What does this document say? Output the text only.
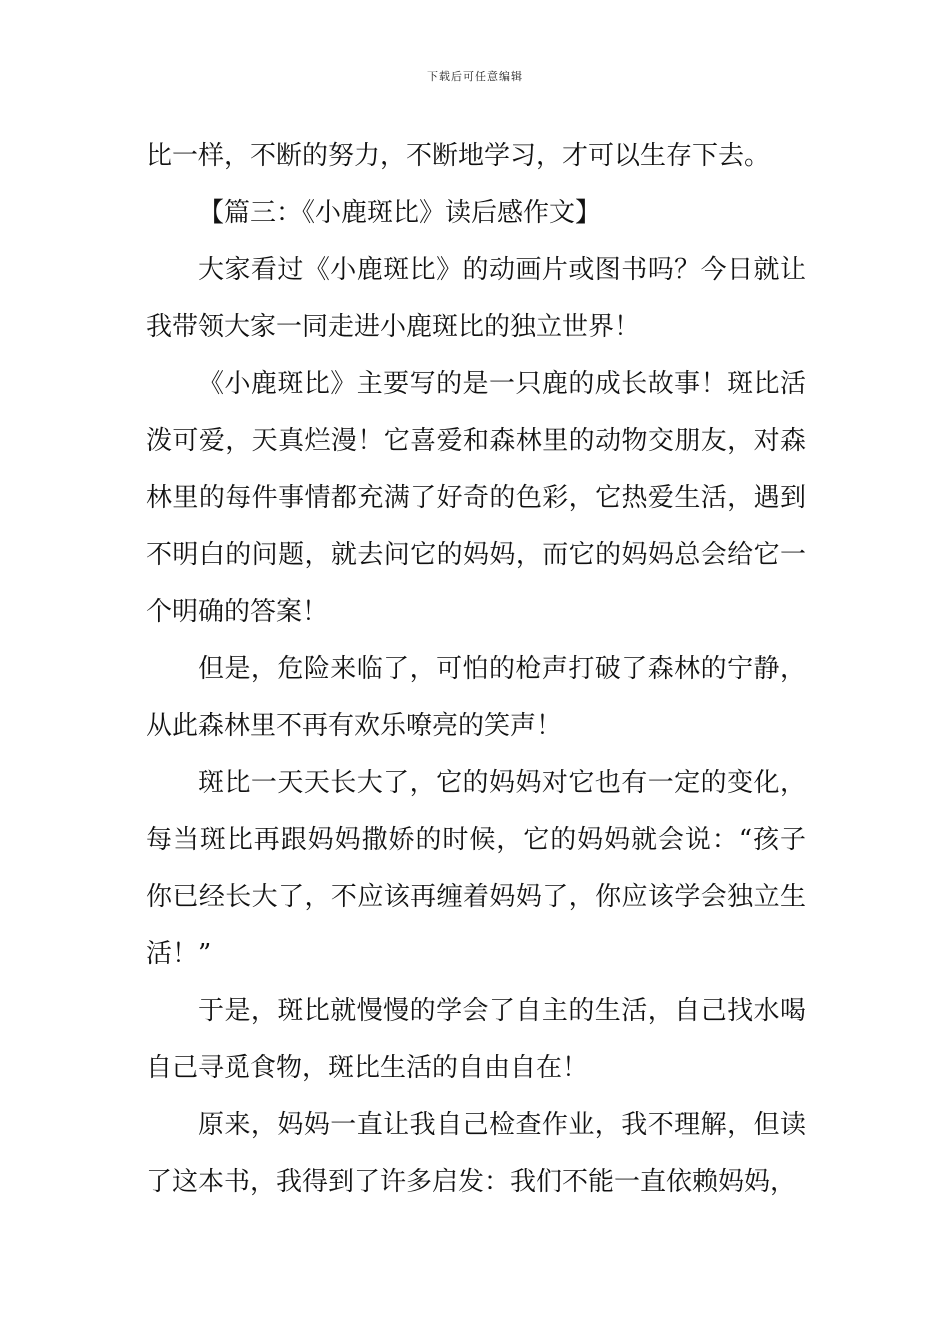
下载后可任意编辑

比一样，不断的努力，不断地学习，才可以生存下去。

【篇三：《小鹿斑比》读后感作文】

大家看过《小鹿斑比》的动画片或图书吗？今日就让我带领大家一同走进小鹿斑比的独立世界！

《小鹿斑比》主要写的是一只鹿的成长故事！斑比活泼可爱，天真烂漫！它喜爱和森林里的动物交朋友，对森林里的每件事情都充满了好奇的色彩，它热爱生活，遇到不明白的问题，就去问它的妈妈，而它的妈妈总会给它一个明确的答案！

但是，危险来临了，可怕的枪声打破了森林的宁静，从此森林里不再有欢乐嘹亮的笑声！

斑比一天天长大了，它的妈妈对它也有一定的变化，每当斑比再跟妈妈撒娇的时候，它的妈妈就会说：“孩子你已经长大了，不应该再缠着妈妈了，你应该学会独立生活！”

于是，斑比就慢慢的学会了自主的生活，自己找水喝自己寻觅食物，斑比生活的自由自在！

原来，妈妈一直让我自己检查作业，我不理解，但读了这本书，我得到了许多启发：我们不能一直依赖妈妈，
